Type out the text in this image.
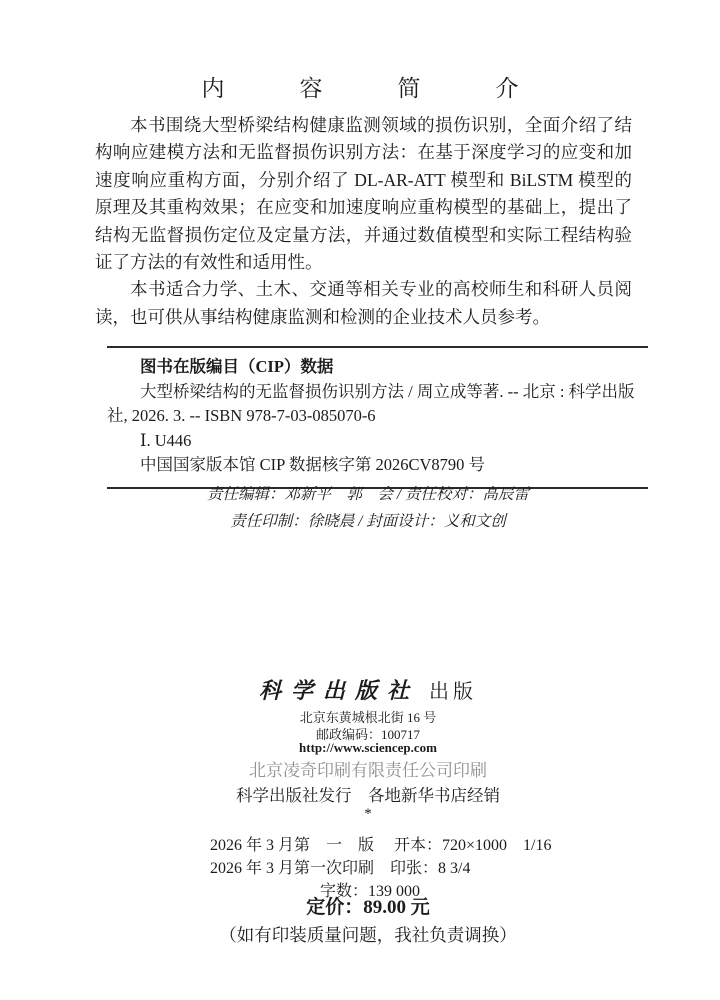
内　容　简　介

本书围绕大型桥梁结构健康监测领域的损伤识别，全面介绍了结构响应建模方法和无监督损伤识别方法：在基于深度学习的应变和加速度响应重构方面，分别介绍了 DL-AR-ATT 模型和 BiLSTM 模型的原理及其重构效果；在应变和加速度响应重构模型的基础上，提出了结构无监督损伤定位及定量方法，并通过数值模型和实际工程结构验证了方法的有效性和适用性。

本书适合力学、土木、交通等相关专业的高校师生和科研人员阅读，也可供从事结构健康监测和检测的企业技术人员参考。

图书在版编目（CIP）数据

大型桥梁结构的无监督损伤识别方法 / 周立成等著. -- 北京 : 科学出版社, 2026. 3. -- ISBN 978-7-03-085070-6

Ⅰ. U446

中国国家版本馆 CIP 数据核字第 2026CV8790 号

责任编辑：邓新平　郭　会 / 责任校对：高辰雷

责任印制：徐晓晨 / 封面设计：义和文创

科学出版社 出版

北京东黄城根北街 16 号

邮政编码：100717

http://www.sciencep.com

北京凌奇印刷有限责任公司印刷

科学出版社发行　各地新华书店经销

*

2026 年 3 月第　一　版　 开本：720×1000　1/16

2026 年 3 月第一次印刷　印张：8 3/4

字数：139 000

定价：89.00 元

（如有印装质量问题，我社负责调换）
